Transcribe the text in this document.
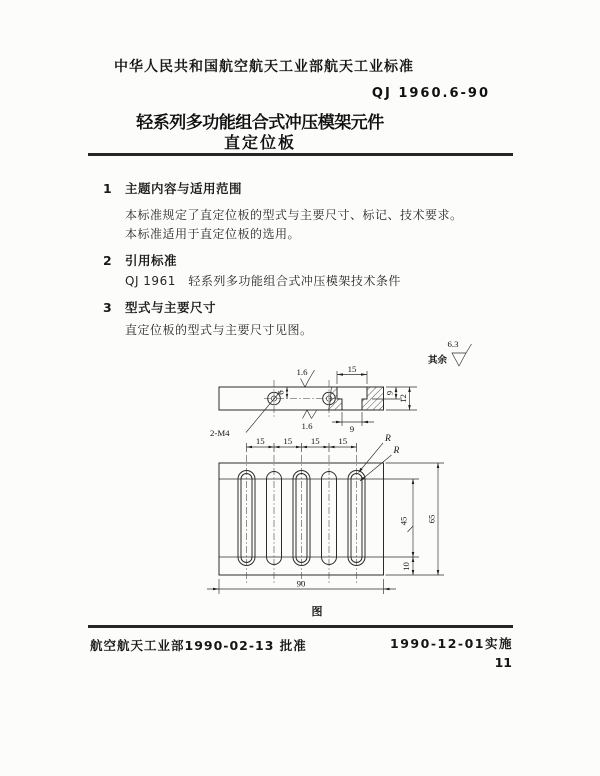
中华人民共和国航空航天工业部航天工业标准
QJ 1960.6-90
轻系列多功能组合式冲压模架元件
直定位板
1 主题内容与适用范围
本标准规定了直定位板的型式与主要尺寸、标记、技术要求。
本标准适用于直定位板的选用。
2 引用标准
QJ 1961　轻系列多功能组合式冲压模架技术条件
3 型式与主要尺寸
直定位板的型式与主要尺寸见图。
其余
6.3
15
9
6	9
12
1.6
1.6
2-M4
15 15 15 15	R
R
45
10
65
90
图
航空航天工业部1990-02-13 批准	1990-12-01实施
11
